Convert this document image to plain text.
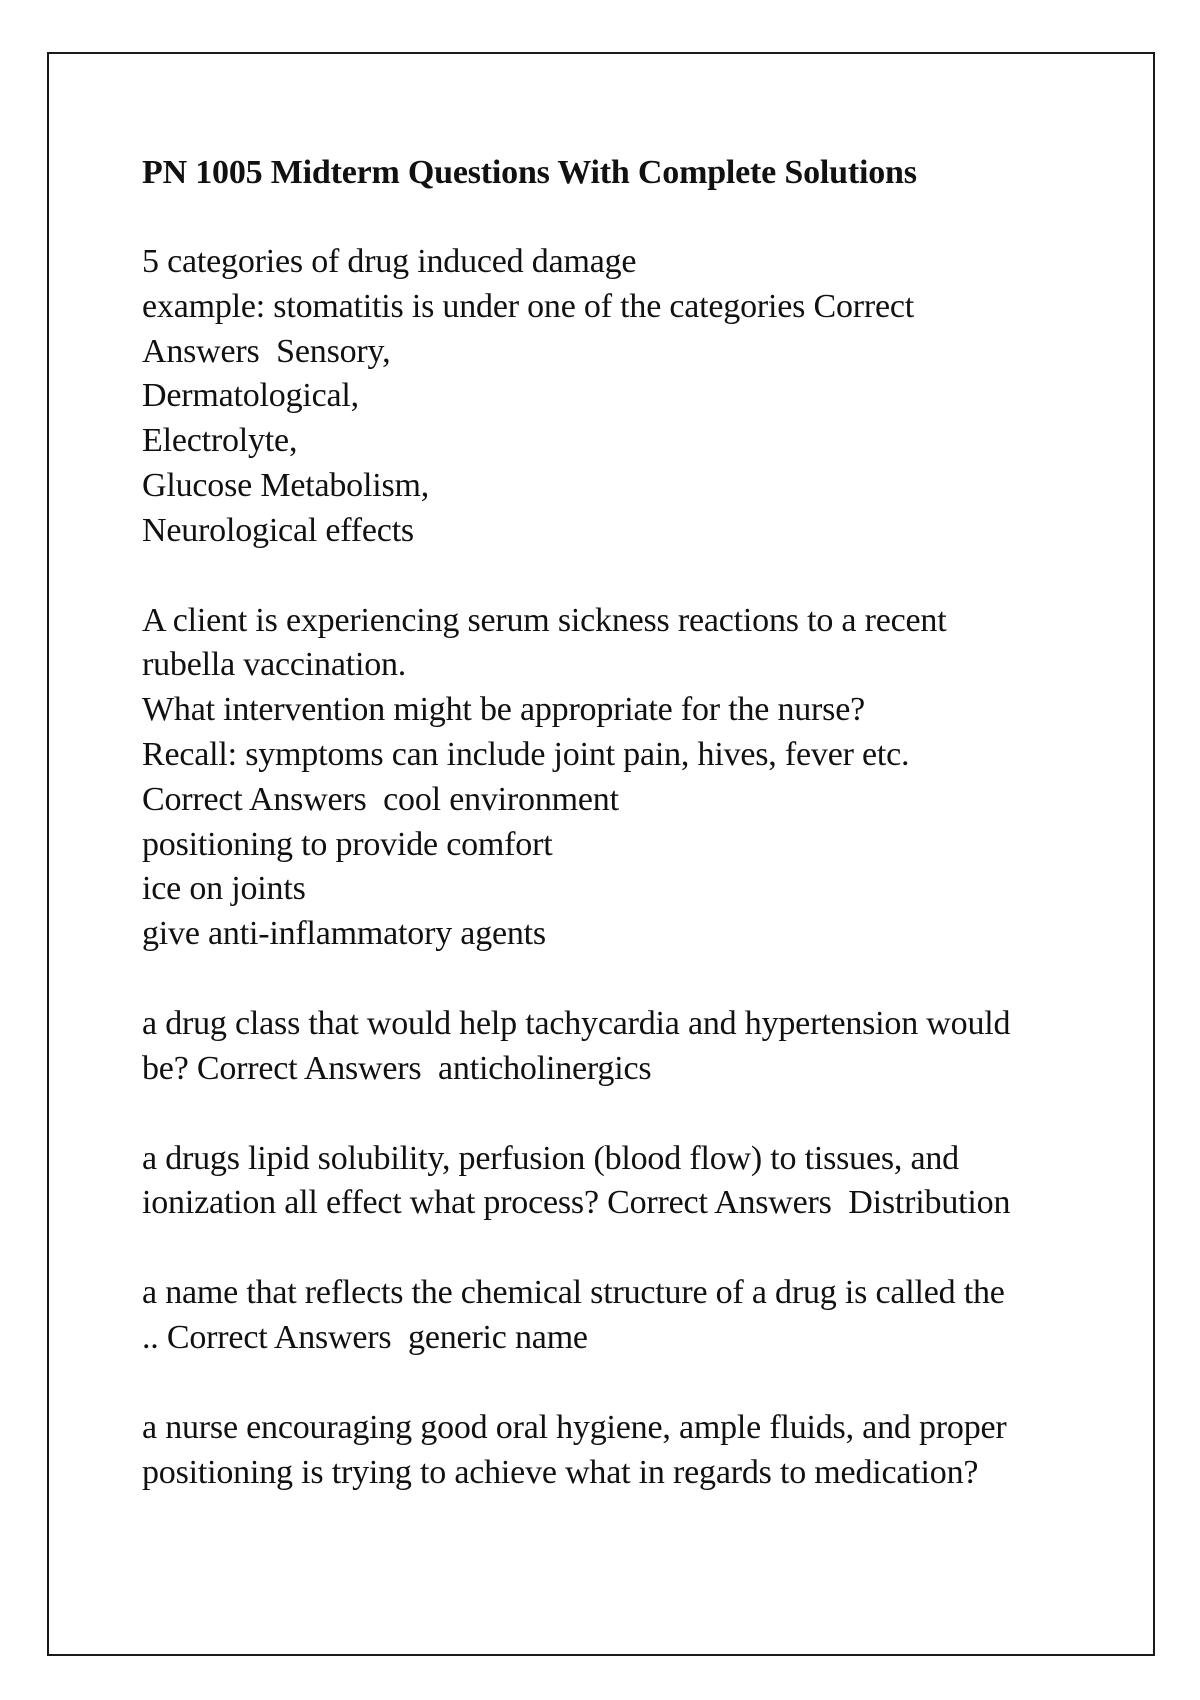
PN 1005 Midterm Questions With Complete Solutions
5 categories of drug induced damage
example: stomatitis is under one of the categories Correct
Answers  Sensory,
Dermatological,
Electrolyte,
Glucose Metabolism,
Neurological effects
A client is experiencing serum sickness reactions to a recent
rubella vaccination.
What intervention might be appropriate for the nurse?
Recall: symptoms can include joint pain, hives, fever etc.
Correct Answers  cool environment
positioning to provide comfort
ice on joints
give anti-inflammatory agents
a drug class that would help tachycardia and hypertension would
be? Correct Answers  anticholinergics
a drugs lipid solubility, perfusion (blood flow) to tissues, and
ionization all effect what process? Correct Answers  Distribution
a name that reflects the chemical structure of a drug is called the
.. Correct Answers  generic name
a nurse encouraging good oral hygiene, ample fluids, and proper
positioning is trying to achieve what in regards to medication?
